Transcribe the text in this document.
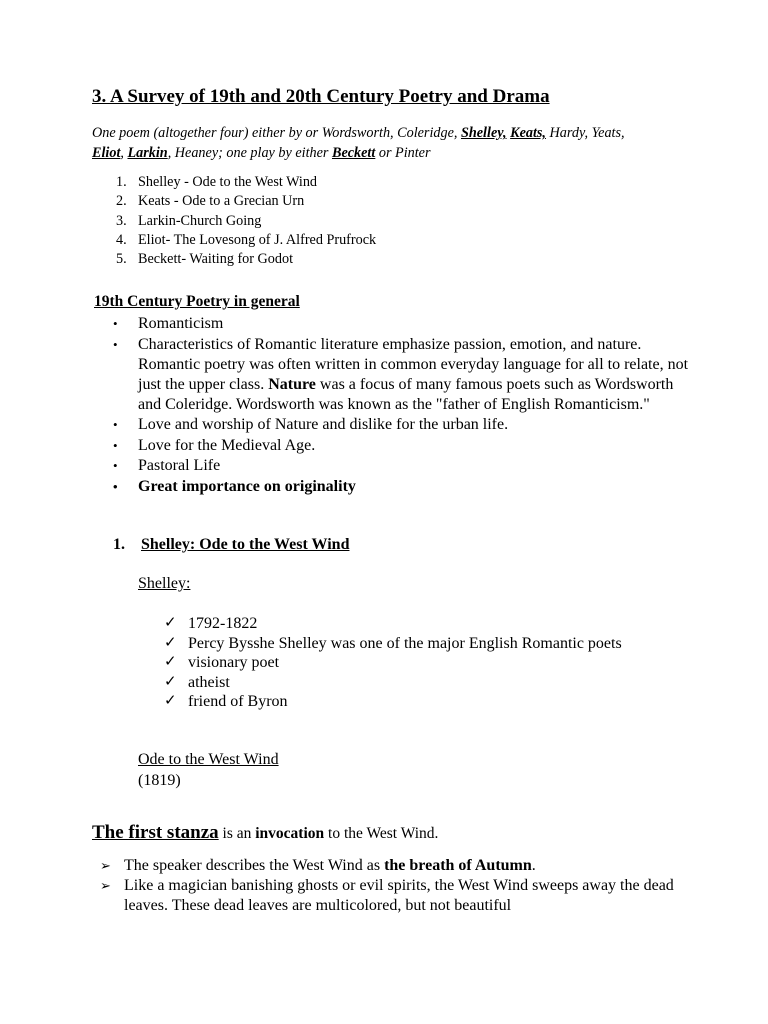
3. A Survey of 19th and 20th Century Poetry and Drama
One poem (altogether four) either by or Wordsworth, Coleridge, Shelley, Keats, Hardy, Yeats, Eliot, Larkin, Heaney; one play by either Beckett or Pinter
1. Shelley - Ode to the West Wind
2. Keats - Ode to a Grecian Urn
3. Larkin-Church Going
4. Eliot- The Lovesong of J. Alfred Prufrock
5. Beckett- Waiting for Godot
19th Century Poetry in general
• Romanticism
• Characteristics of Romantic literature emphasize passion, emotion, and nature. Romantic poetry was often written in common everyday language for all to relate, not just the upper class. Nature was a focus of many famous poets such as Wordsworth and Coleridge. Wordsworth was known as the "father of English Romanticism."
• Love and worship of Nature and dislike for the urban life.
• Love for the Medieval Age.
• Pastoral Life
• Great importance on originality
1. Shelley: Ode to the West Wind
Shelley:
✓ 1792-1822
✓ Percy Bysshe Shelley was one of the major English Romantic poets
✓ visionary poet
✓ atheist
✓ friend of Byron
Ode to the West Wind
(1819)
The first stanza is an invocation to the West Wind.
➢ The speaker describes the West Wind as the breath of Autumn.
➢ Like a magician banishing ghosts or evil spirits, the West Wind sweeps away the dead leaves. These dead leaves are multicolored, but not beautiful
